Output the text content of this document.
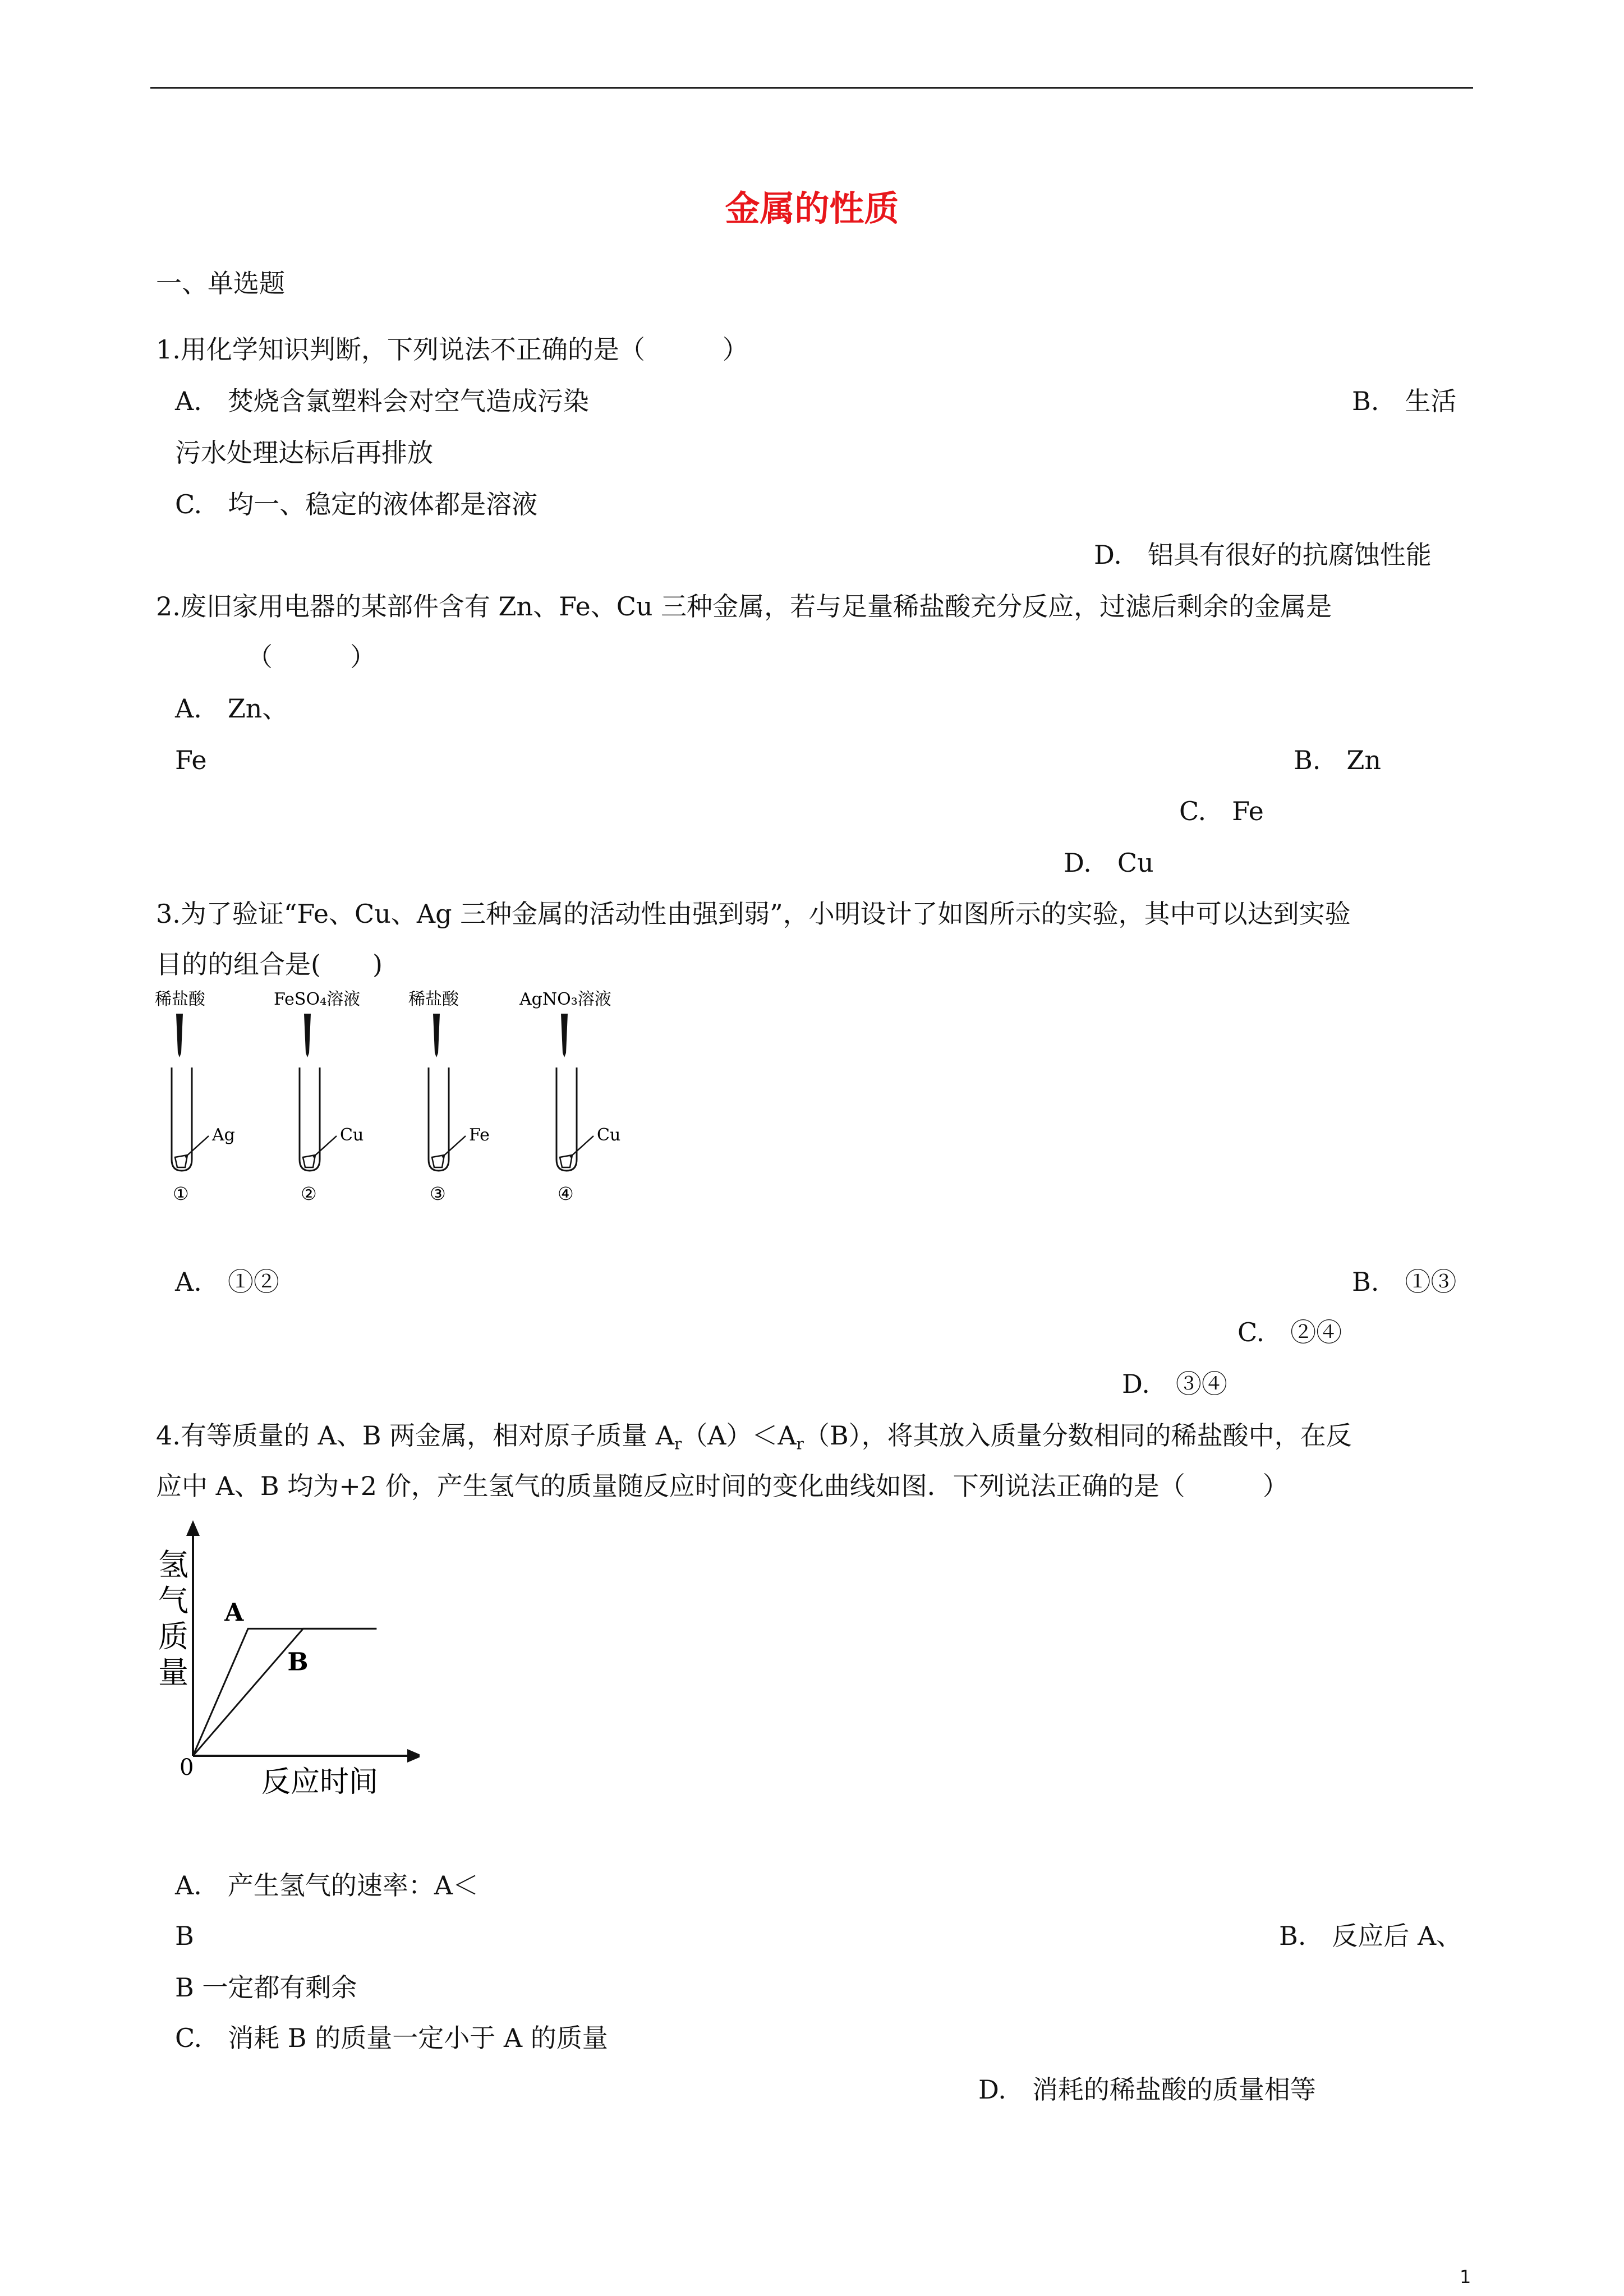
金属的性质
一、单选题
1.用化学知识判断，下列说法不正确的是（　　　）
A.　焚烧含氯塑料会对空气造成污染	B.　生活
污水处理达标后再排放
C.　均一、稳定的液体都是溶液
D.　铝具有很好的抗腐蚀性能
2.废旧家用电器的某部件含有 Zn、Fe、Cu 三种金属，若与足量稀盐酸充分反应，过滤后剩余的金属是
（　　　）
A.　Zn、
Fe	B.　Zn
C.　Fe
D.　Cu
3.为了验证“Fe、Cu、Ag 三种金属的活动性由强到弱”，小明设计了如图所示的实验，其中可以达到实验
目的的组合是(　　)
稀盐酸
Ag
①
FeSO₄溶液
Cu
②
稀盐酸
Fe
③
AgNO₃溶液
Cu
④
A.　①②	B.　①③
C.　②④
D.　③④
4.有等质量的 A、B 两金属，相对原子质量 $A_r(A)<A_r(B)$，将其放入质量分数相同的稀盐酸中，在反
应中 A、B 均为+2 价，产生氢气的质量随反应时间的变化曲线如图．下列说法正确的是（　　　）
0
氢
气
质
量
反应时间
A
B
A.　产生氢气的速率：A＜
B	B.　反应后 A、
B 一定都有剩余
C.　消耗 B 的质量一定小于 A 的质量
D.　消耗的稀盐酸的质量相等
1
